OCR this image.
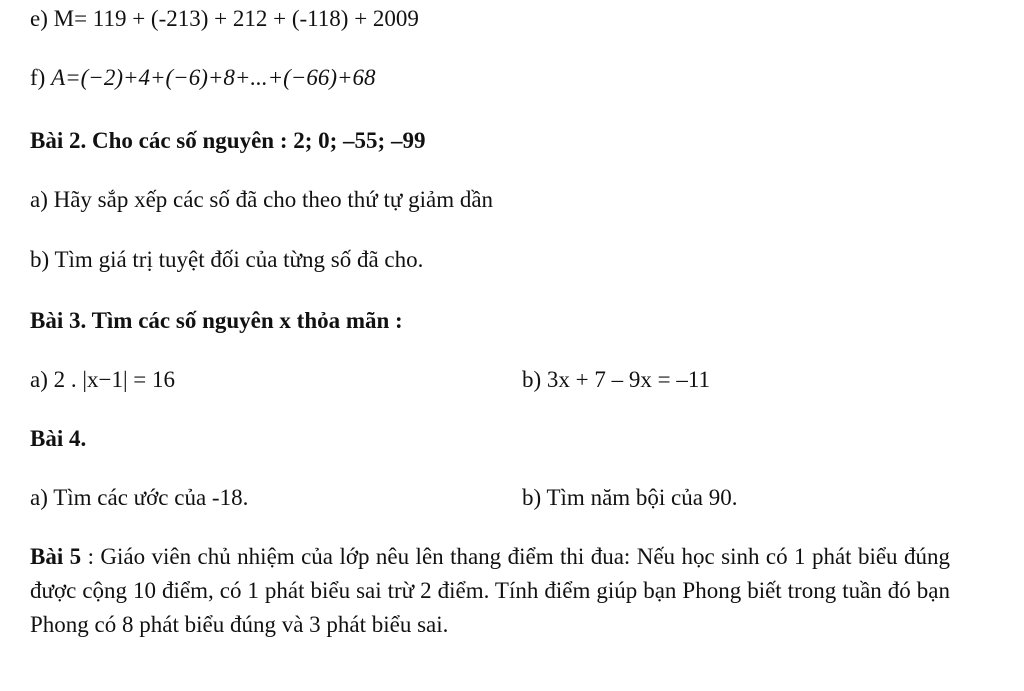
e) M= 119 + (-213) + 212 + (-118) + 2009
f) A=(−2)+4+(−6)+8+...+(−66)+68
Bài 2. Cho các số nguyên : 2; 0; –55; –99
a) Hãy sắp xếp các số đã cho theo thứ tự giảm dần
b) Tìm giá trị tuyệt đối của từng số đã cho.
Bài 3. Tìm các số nguyên x thỏa mãn :
a) 2 . |x−1| = 16	b) 3x + 7 – 9x = –11
Bài 4.
a) Tìm các ước của -18.	b) Tìm năm bội của 90.
Bài 5 : Giáo viên chủ nhiệm của lớp nêu lên thang điểm thi đua: Nếu học sinh có 1 phát biểu đúng được cộng 10 điểm, có 1 phát biểu sai trừ 2 điểm. Tính điểm giúp bạn Phong biết trong tuần đó bạn Phong có 8 phát biểu đúng và 3 phát biểu sai.
